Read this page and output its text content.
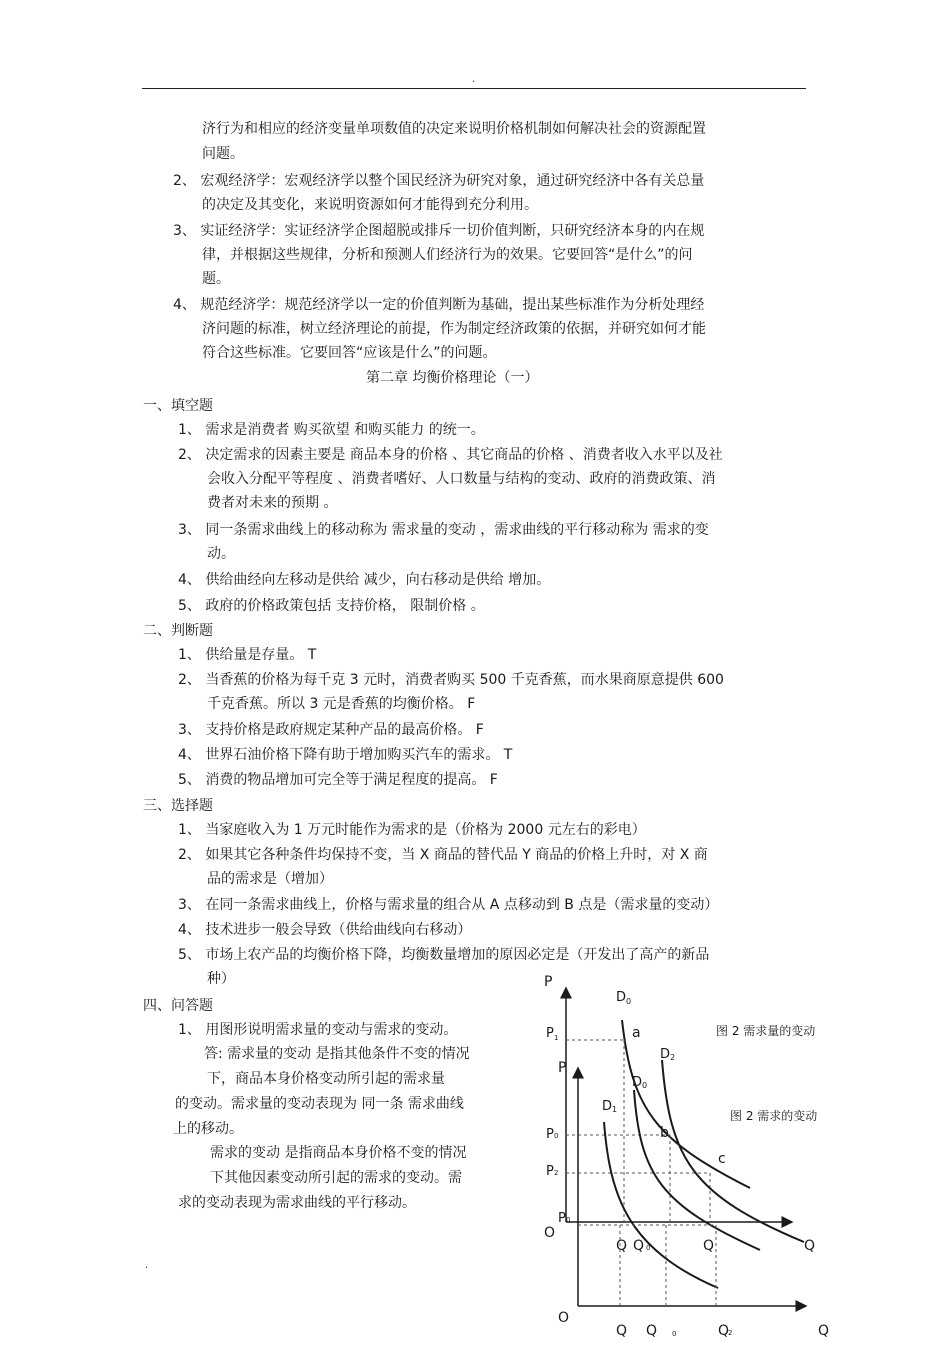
.
济行为和相应的经济变量单项数值的决定来说明价格机制如何解决社会的资源配置
问题。
2、 宏观经济学：宏观经济学以整个国民经济为研究对象，通过研究经济中各有关总量
的决定及其变化，来说明资源如何才能得到充分利用。
3、 实证经济学：实证经济学企图超脱或排斥一切价值判断，只研究经济本身的内在规
律，并根据这些规律，分析和预测人们经济行为的效果。它要回答“是什么”的问
题。
4、 规范经济学：规范经济学以一定的价值判断为基础，提出某些标准作为分析处理经
济问题的标准，树立经济理论的前提，作为制定经济政策的依据，并研究如何才能
符合这些标准。它要回答“应该是什么”的问题。
第二章 均衡价格理论（一）
一、填空题
1、 需求是消费者 购买欲望 和购买能力 的统一。
2、 决定需求的因素主要是 商品本身的价格 、其它商品的价格 、消费者收入水平以及社
会收入分配平等程度 、消费者嗜好、人口数量与结构的变动、政府的消费政策、消
费者对未来的预期 。
3、 同一条需求曲线上的移动称为 需求量的变动 ，需求曲线的平行移动称为 需求的变
动。
4、 供给曲经向左移动是供给 减少，向右移动是供给 增加。
5、 政府的价格政策包括 支持价格， 限制价格 。
二、判断题
1、 供给量是存量。 T
2、 当香蕉的价格为每千克 3 元时，消费者购买 500 千克香蕉，而水果商原意提供 600
千克香蕉。所以 3 元是香蕉的均衡价格。 F
3、 支持价格是政府规定某种产品的最高价格。 F
4、 世界石油价格下降有助于增加购买汽车的需求。 T
5、 消费的物品增加可完全等于满足程度的提高。 F
三、选择题
1、 当家庭收入为 1 万元时能作为需求的是（价格为 2000 元左右的彩电）
2、 如果其它各种条件均保持不变，当 X 商品的替代品 Y 商品的价格上升时，对 X 商
品的需求是（增加）
3、 在同一条需求曲线上，价格与需求量的组合从 A 点移动到 B 点是（需求量的变动）
4、 技术进步一般会导致（供给曲线向右移动）
5、 市场上农产品的均衡价格下降，均衡数量增加的原因必定是（开发出了高产的新品
种）
四、问答题
1、 用图形说明需求量的变动与需求的变动。
答: 需求量的变动 是指其他条件不变的情况
下，商品本身价格变动所引起的需求量
的变动。需求量的变动表现为 同一条 需求曲线
上的移动。
需求的变动 是指商品本身价格不变的情况
下其他因素变动所引起的需求的变动。需
求的变动表现为需求曲线的平行移动。
.
P
D 0
P 1	a
b
c
P 0
P 2
O
Q Q 0	Q	Q
P
D 2
D 0
D 1
P 0
O
Q Q 0	Q
2	Q
图 2 需求量的变动
图 2 需求的变动
